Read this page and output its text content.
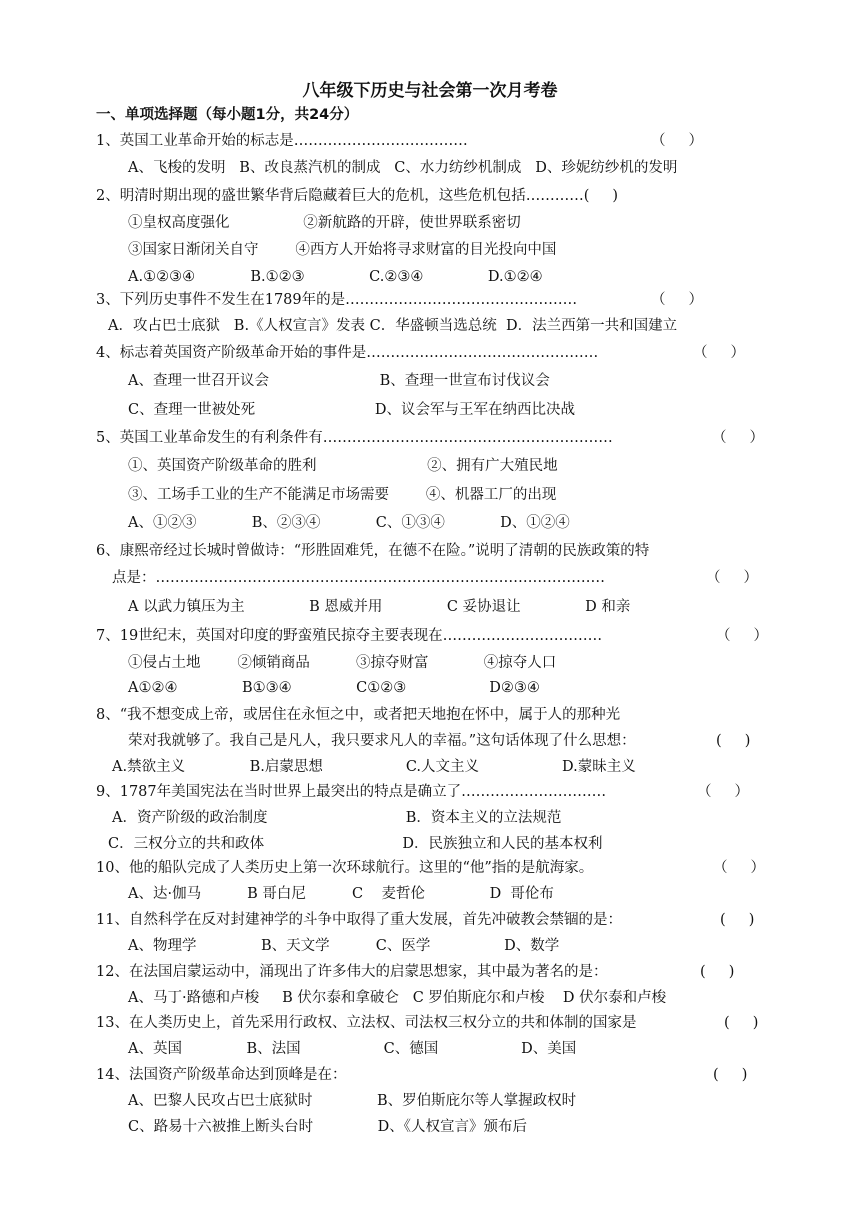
八年级下历史与社会第一次月考卷
一、单项选择题（每小题1分，共24分）
1、英国工业革命开始的标志是………………………………	（     ）
A、飞梭的发明   B、改良蒸汽机的制成   C、水力纺纱机制成   D、珍妮纺纱机的发明
2、明清时期出现的盛世繁华背后隐藏着巨大的危机，这些危机包括…………(     )
①皇权高度强化                ②新航路的开辟，使世界联系密切
③国家日渐闭关自守        ④西方人开始将寻求财富的目光投向中国
A.①②③④            B.①②③              C.②③④              D.①②④
3、下列历史事件不发生在1789年的是…………………………………………	（     ）
A．攻占巴士底狱   B.《人权宣言》发表 C．华盛顿当选总统  D．法兰西第一共和国建立
4、标志着英国资产阶级革命开始的事件是…………………………………………	（     ）
A、查理一世召开议会                        B、查理一世宣布讨伐议会
C、查理一世被处死                          D、议会军与王军在纳西比决战
5、英国工业革命发生的有利条件有……………………………………………………	（     ）
①、英国资产阶级革命的胜利                        ②、拥有广大殖民地
③、工场手工业的生产不能满足市场需要        ④、机器工厂的出现
A、①②③            B、②③④            C、①③④            D、①②④
6、康熙帝经过长城时曾做诗：“形胜固难凭，在德不在险。”说明了清朝的民族政策的特
点是：…………………………………………………………………………………	（     ）
A 以武力镇压为主              B 恩威并用              C 妥协退让              D 和亲
7、19世纪末，英国对印度的野蛮殖民掠夺主要表现在……………………………	（     ）
①侵占土地        ②倾销商品          ③掠夺财富            ④掠夺人口
A①②④              B①③④              C①②③                  D②③④
8、“我不想变成上帝，或居住在永恒之中，或者把天地抱在怀中，属于人的那种光
荣对我就够了。我自己是凡人，我只要求凡人的幸福。”这句话体现了什么思想：	(     )
A.禁欲主义              B.启蒙思想                  C.人文主义                  D.蒙昧主义
9、1787年美国宪法在当时世界上最突出的特点是确立了…………………………	（     ）
A．资产阶级的政治制度                              B．资本主义的立法规范
C．三权分立的共和政体                              D．民族独立和人民的基本权利
10、他的船队完成了人类历史上第一次环球航行。这里的“他”指的是航海家。	（     ）
A、达·伽马          B 哥白尼          C    麦哲伦              D  哥伦布
11、自然科学在反对封建神学的斗争中取得了重大发展，首先冲破教会禁锢的是：	(     )
A、物理学              B、天文学          C、医学                D、数学
12、在法国启蒙运动中，涌现出了许多伟大的启蒙思想家，其中最为著名的是：	(     )
A、马丁·路德和卢梭     B 伏尔泰和拿破仑   C 罗伯斯庇尔和卢梭    D 伏尔泰和卢梭
13、在人类历史上，首先采用行政权、立法权、司法权三权分立的共和体制的国家是	(     )
A、英国              B、法国                  C、德国                  D、美国
14、法国资产阶级革命达到顶峰是在：	(     )
A、巴黎人民攻占巴士底狱时              B、罗伯斯庇尔等人掌握政权时
C、路易十六被推上断头台时              D、《人权宣言》颁布后
